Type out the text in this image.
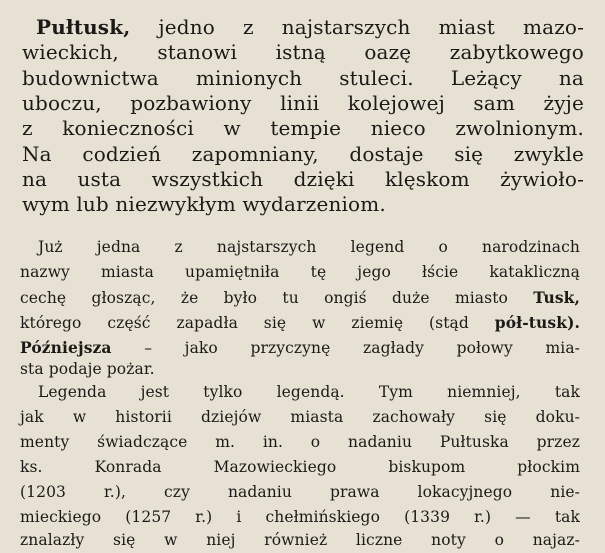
Pułtusk, jedno z najstarszych miast mazo-
wieckich, stanowi istną oazę zabytkowego
budownictwa minionych stuleci. Leżący na
uboczu, pozbawiony linii kolejowej sam żyje
z konieczności w tempie nieco zwolnionym.
Na codzień zapomniany, dostaje się zwykle
na usta wszystkich dzięki klęskom żywioło-
wym lub niezwykłym wydarzeniom.
Już jedna z najstarszych legend o narodzinach
nazwy miasta upamiętniła tę jego łście katakliczną
cechę głosząc, że było tu ongiś duże miasto Tusk,
którego część zapadła się w ziemię (stąd pół-tusk).
Późniejsza – jako przyczynę zagłady połowy mia-
sta podaje pożar.
Legenda jest tylko legendą. Tym niemniej, tak
jak w historii dziejów miasta zachowały się doku-
menty świadczące m. in. o nadaniu Pułtuska przez
ks. Konrada Mazowieckiego biskupom płockim
(1203 r.), czy nadaniu prawa lokacyjnego nie-
mieckiego (1257 r.) i chełmińskiego (1339 r.) — tak
znalazły się w niej również liczne noty o najaz-
